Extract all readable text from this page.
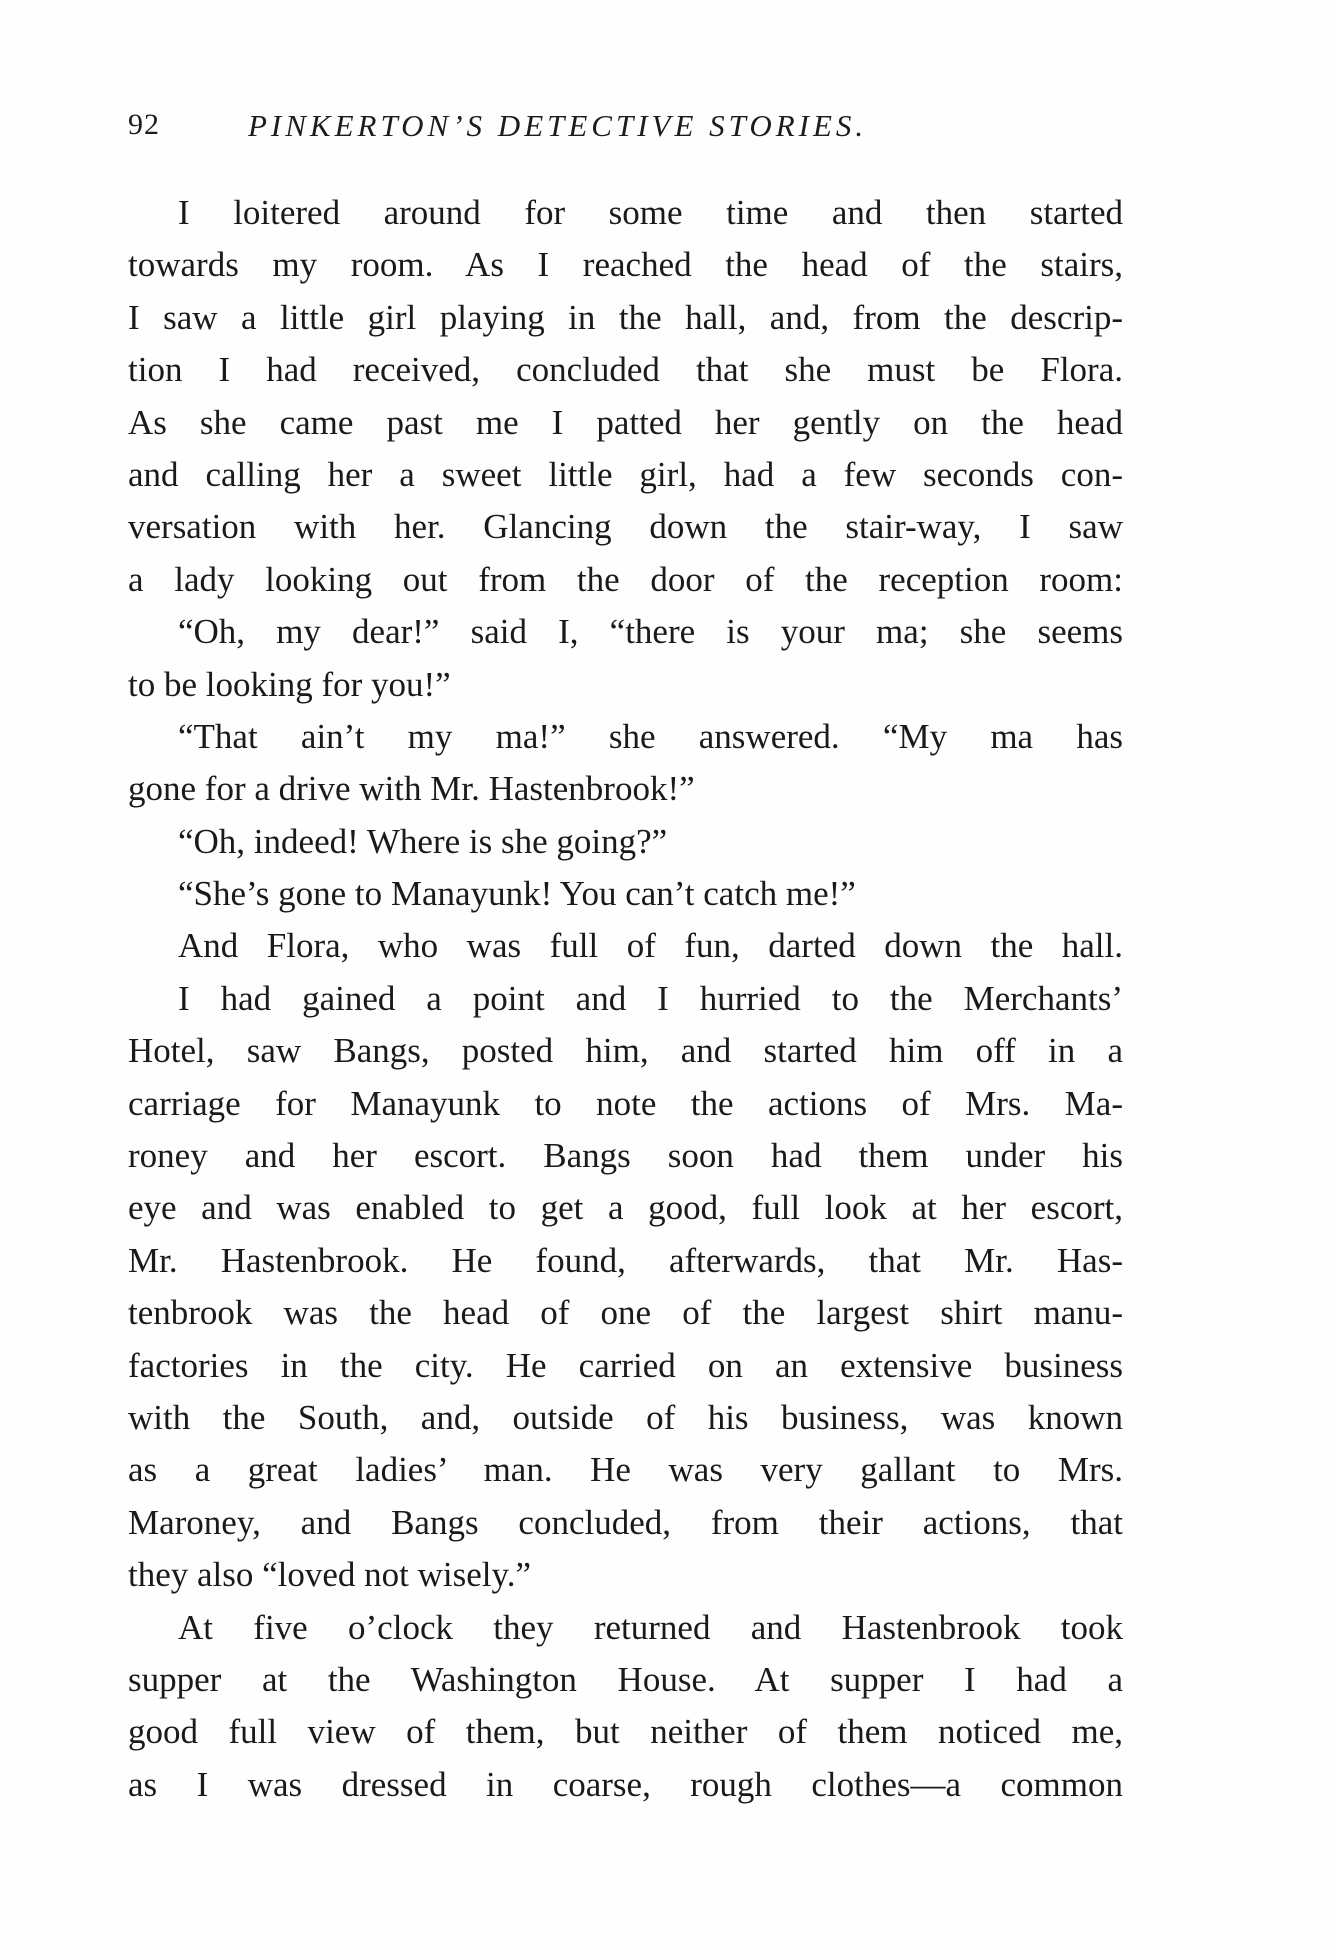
92	PINKERTON’S DETECTIVE STORIES.
I loitered around for some time and then started
towards my room. As I reached the head of the stairs,
I saw a little girl playing in the hall, and, from the descrip-
tion I had received, concluded that she must be Flora.
As she came past me I patted her gently on the head
and calling her a sweet little girl, had a few seconds con-
versation with her. Glancing down the stair-way, I saw
a lady looking out from the door of the reception room:
“Oh, my dear!” said I, “there is your ma; she seems
to be looking for you!”
“That ain’t my ma!” she answered. “My ma has
gone for a drive with Mr. Hastenbrook!”
“Oh, indeed! Where is she going?”
“She’s gone to Manayunk! You can’t catch me!”
And Flora, who was full of fun, darted down the hall.
I had gained a point and I hurried to the Merchants’
Hotel, saw Bangs, posted him, and started him off in a
carriage for Manayunk to note the actions of Mrs. Ma-
roney and her escort. Bangs soon had them under his
eye and was enabled to get a good, full look at her escort,
Mr. Hastenbrook. He found, afterwards, that Mr. Has-
tenbrook was the head of one of the largest shirt manu-
factories in the city. He carried on an extensive business
with the South, and, outside of his business, was known
as a great ladies’ man. He was very gallant to Mrs.
Maroney, and Bangs concluded, from their actions, that
they also “loved not wisely.”
At five o’clock they returned and Hastenbrook took
supper at the Washington House. At supper I had a
good full view of them, but neither of them noticed me,
as I was dressed in coarse, rough clothes—a common
